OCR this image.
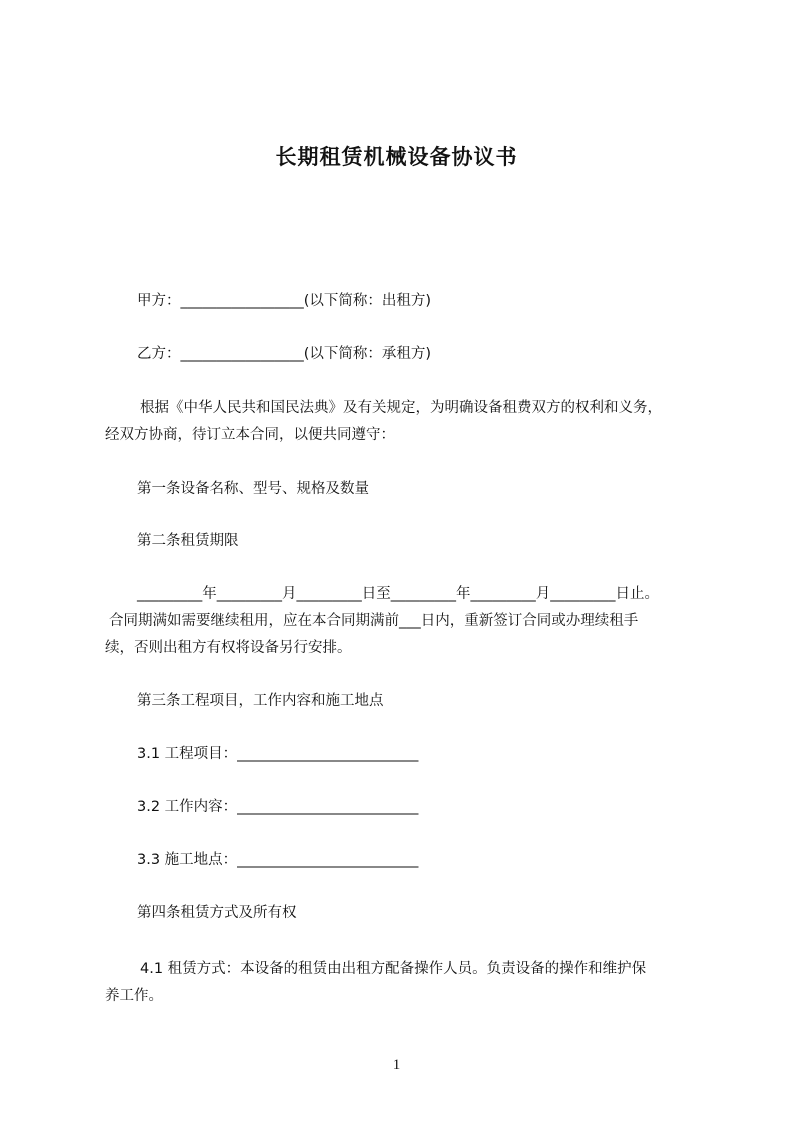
长期租赁机械设备协议书
甲方：_________________(以下简称：出租方)
乙方：_________________(以下简称：承租方)
根据《中华人民共和国民法典》及有关规定，为明确设备租费双方的权利和义务，
经双方协商，待订立本合同，以便共同遵守：
第一条设备名称、型号、规格及数量
第二条租赁期限
_________年_________月_________日至_________年_________月_________日止。
合同期满如需要继续租用，应在本合同期满前___日内，重新签订合同或办理续租手
续，否则出租方有权将设备另行安排。
第三条工程项目，工作内容和施工地点
3.1 工程项目：_________________________
3.2 工作内容：_________________________
3.3 施工地点：_________________________
第四条租赁方式及所有权
4.1 租赁方式：本设备的租赁由出租方配备操作人员。负责设备的操作和维护保
养工作。
1
